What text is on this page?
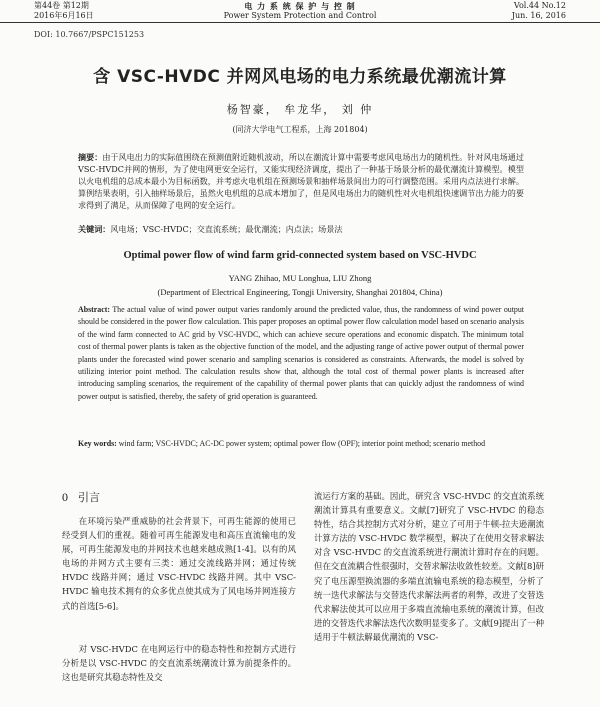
第44卷 第12期
2016年6月16日
电 力 系 统 保 护 与 控 制
Power System Protection and Control
Vol.44 No.12
Jun. 16, 2016
DOI: 10.7667/PSPC151253
含 VSC-HVDC 并网风电场的电力系统最优潮流计算
杨智豪， 牟龙华， 刘 仲
(同济大学电气工程系，上海 201804)
摘要：由于风电出力的实际值围绕在预测值附近随机波动，所以在潮流计算中需要考虑风电场出力的随机性。针对风电场通过VSC-HVDC并网的情形，为了使电网更安全运行，又能实现经济调度，提出了一种基于场景分析的最优潮流计算模型。模型以火电机组的总成本最小为目标函数，并考虑火电机组在预测场景和抽样场景间出力的可行调整范围。采用内点法进行求解。算例结果表明，引入抽样场景后，虽然火电机组的总成本增加了，但是风电场出力的随机性对火电机组快速调节出力能力的要求得到了满足，从而保障了电网的安全运行。
关键词：风电场；VSC-HVDC；交直流系统；最优潮流；内点法；场景法
Optimal power flow of wind farm grid-connected system based on VSC-HVDC
YANG Zhihao, MU Longhua, LIU Zhong
(Department of Electrical Engineering, Tongji University, Shanghai 201804, China)
Abstract: The actual value of wind power output varies randomly around the predicted value, thus, the randomness of wind power output should be considered in the power flow calculation. This paper proposes an optimal power flow calculation model based on scenario analysis of the wind farm connected to AC grid by VSC-HVDC, which can achieve secure operations and economic dispatch. The minimum total cost of thermal power plants is taken as the objective function of the model, and the adjusting range of active power output of thermal power plants under the forecasted wind power scenario and sampling scenarios is considered as constraints. Afterwards, the model is solved by utilizing interior point method. The calculation results show that, although the total cost of thermal power plants is increased after introducing sampling scenarios, the requirement of the capability of thermal power plants that can quickly adjust the randomness of wind power output is satisfied, thereby, the safety of grid operation is guaranteed.
Key words: wind farm; VSC-HVDC; AC-DC power system; optimal power flow (OPF); interior point method; scenario method
0 引言
在环境污染严重威胁的社会背景下，可再生能源的使用已经受到人们的重视。随着可再生能源发电和高压直流输电的发展，可再生能源发电的并网技术也越来越成熟[1-4]。以有的风电场的并网方式主要有三类：通过交流线路并网；通过传统 HVDC 线路并网；通过 VSC-HVDC 线路并网。其中 VSC-HVDC 输电技术拥有的众多优点使其成为了风电场并网连接方式的首选[5-6]。
对 VSC-HVDC 在电网运行中的稳态特性和控制方式进行分析是以 VSC-HVDC 的交直流系统潮流计算为前提条件的。这也是研究其稳态特性及交
流运行方案的基础。因此，研究含 VSC-HVDC 的交直流系统潮流计算具有重要意义。文献[7]研究了 VSC-HVDC 的稳态特性，结合其控制方式对分析，建立了可用于牛顿-拉夫逊潮流计算方法的 VSC-HVDC 数学模型，解决了在使用交替求解法对含 VSC-HVDC 的交直流系统进行潮流计算时存在的问题。但在交直流耦合性很强时，交替求解法收敛性较差。文献[8]研究了电压源型换流器的多端直流输电系统的稳态模型，分析了统一迭代求解法与交替迭代求解法两者的利弊，改进了交替迭代求解法使其可以应用于多端直流输电系统的潮流计算，但改进的交替迭代求解法迭代次数明显变多了。文献[9]提出了一种适用于牛顿法解最优潮流的 VSC-
